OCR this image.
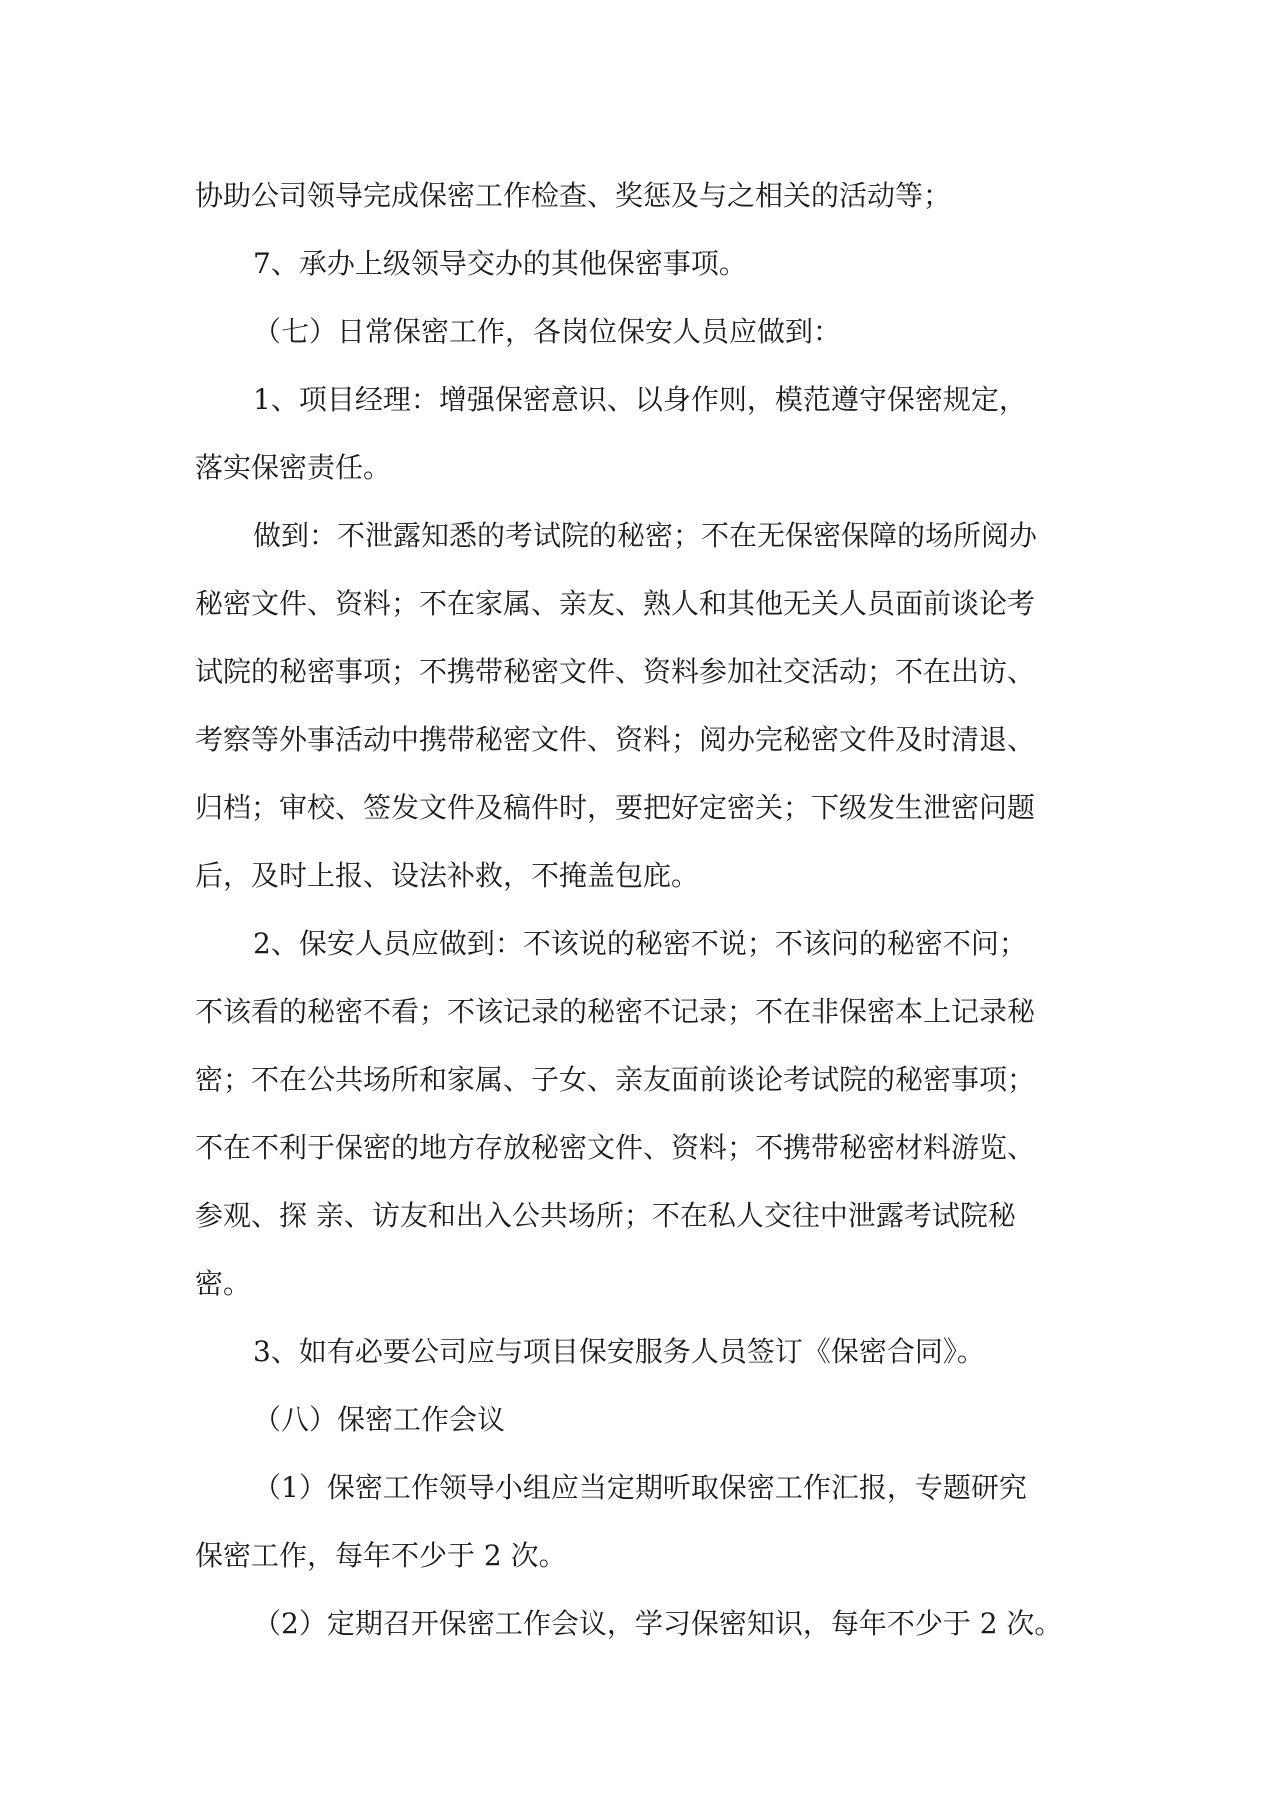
协助公司领导完成保密工作检查、奖惩及与之相关的活动等；
7、承办上级领导交办的其他保密事项。
（七）日常保密工作，各岗位保安人员应做到：
1、项目经理：增强保密意识、以身作则，模范遵守保密规定，
落实保密责任。
做到：不泄露知悉的考试院的秘密；不在无保密保障的场所阅办
秘密文件、资料；不在家属、亲友、熟人和其他无关人员面前谈论考
试院的秘密事项；不携带秘密文件、资料参加社交活动；不在出访、
考察等外事活动中携带秘密文件、资料；阅办完秘密文件及时清退、
归档；审校、签发文件及稿件时，要把好定密关；下级发生泄密问题
后，及时上报、设法补救，不掩盖包庇。
2、保安人员应做到：不该说的秘密不说；不该问的秘密不问；
不该看的秘密不看；不该记录的秘密不记录；不在非保密本上记录秘
密；不在公共场所和家属、子女、亲友面前谈论考试院的秘密事项；
不在不利于保密的地方存放秘密文件、资料；不携带秘密材料游览、
参观、探 亲、访友和出入公共场所；不在私人交往中泄露考试院秘
密。
3、如有必要公司应与项目保安服务人员签订《保密合同》。
（八）保密工作会议
（1）保密工作领导小组应当定期听取保密工作汇报，专题研究
保密工作，每年不少于 2 次。
（2）定期召开保密工作会议，学习保密知识，每年不少于 2 次。
